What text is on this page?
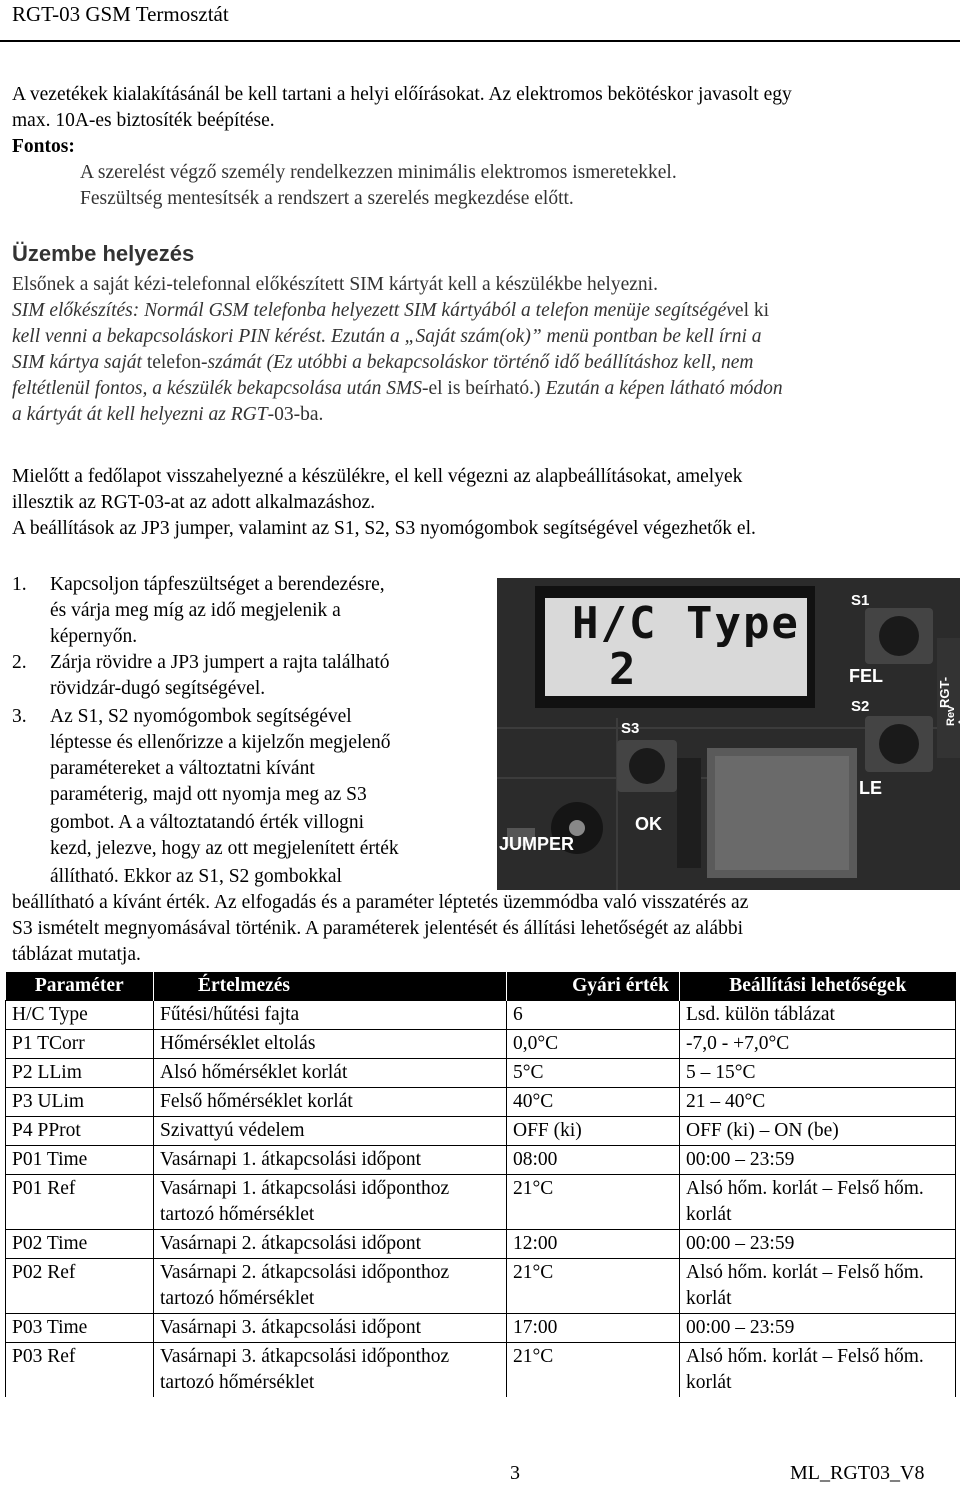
RGT-03 GSM Termosztát
A vezetékek kialakításánál be kell tartani a helyi előírásokat. Az elektromos bekötéskor javasolt egy
max. 10A-es biztosíték beépítése.
Fontos:
A szerelést végző személy rendelkezzen minimális elektromos ismeretekkel.
Feszültség mentesítsék a rendszert a szerelés megkezdése előtt.
Üzembe helyezés
Elsőnek a saját kézi-telefonnal előkészített SIM kártyát kell a készülékbe helyezni.
SIM előkészítés: Normál GSM telefonba helyezett SIM kártyából a telefon menüje segítségével ki
kell venni a bekapcsoláskori PIN kérést. Ezután a „Saját szám(ok)” menü pontban be kell írni a
SIM kártya saját telefon-számát (Ez utóbbi a bekapcsoláskor történő idő beállításhoz kell, nem
feltétlenül fontos, a készülék bekapcsolása után SMS-el is beírható.) Ezután a képen látható módon
a kártyát át kell helyezni az RGT-03-ba.
Mielőtt a fedőlapot visszahelyezné a készülékre, el kell végezni az alapbeállításokat, amelyek
illesztik az RGT-03-at az adott alkalmazáshoz.
A beállítások az JP3 jumper, valamint az S1, S2, S3 nyomógombok segítségével végezhetők el.
1. Kapcsoljon tápfeszültséget a berendezésre,
és várja meg míg az idő megjelenik a
képernyőn.
2. Zárja rövidre a JP3 jumpert a rajta található
rövidzár-dugó segítségével.
3. Az S1, S2 nyomógombok segítségével
léptesse és ellenőrizze a kijelzőn megjelenő
paramétereket a változtatni kívánt
paraméterig, majd ott nyomja meg az S3
gombot. A a változtatandó érték villogni
kezd, jelezve, hogy az ott megjelenített érték
állítható. Ekkor az S1, S2 gombokkal
H/C Type
2
S1
S2
S3
FEL
LE
OK
JUMPER
RGT-
Rev A
beállítható a kívánt érték. Az elfogadás és a paraméter léptetés üzemmódba való visszatérés az
S3 ismételt megnyomásával történik. A paraméterek jelentését és állítási lehetőségét az alábbi
táblázat mutatja.
Paraméter	Értelmezés	Gyári érték	Beállítási lehetőségek
H/C Type	Fűtési/hűtési fajta	6	Lsd. külön táblázat
P1 TCorr	Hőmérséklet eltolás	0,0°C	-7,0 - +7,0°C
P2 LLim	Alsó hőmérséklet korlát	5°C	5 – 15°C
P3 ULim	Felső hőmérséklet korlát	40°C	21 – 40°C
P4 PProt	Szivattyú védelem	OFF (ki)	OFF (ki) – ON (be)
P01 Time	Vasárnapi 1. átkapcsolási időpont	08:00	00:00 – 23:59
P01 Ref	Vasárnapi 1. átkapcsolási időponthoz tartozó hőmérséklet	21°C	Alsó hőm. korlát – Felső hőm. korlát
P02 Time	Vasárnapi 2. átkapcsolási időpont	12:00	00:00 – 23:59
P02 Ref	Vasárnapi 2. átkapcsolási időponthoz tartozó hőmérséklet	21°C	Alsó hőm. korlát – Felső hőm. korlát
P03 Time	Vasárnapi 3. átkapcsolási időpont	17:00	00:00 – 23:59
P03 Ref	Vasárnapi 3. átkapcsolási időponthoz tartozó hőmérséklet	21°C	Alsó hőm. korlát – Felső hőm. korlát
3	ML_RGT03_V8
